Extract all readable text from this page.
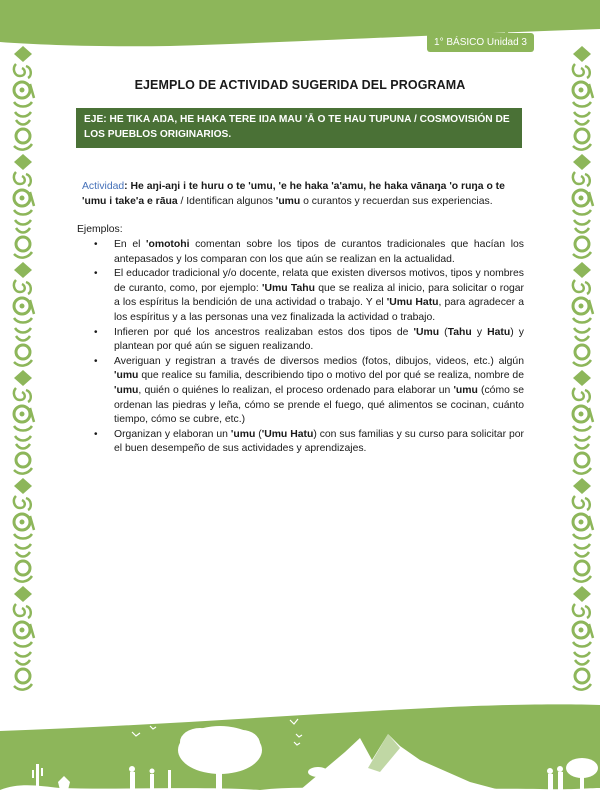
1° BÁSICO Unidad 3
EJEMPLO DE ACTIVIDAD SUGERIDA DEL PROGRAMA
EJE: HE TIKA AŊA, HE HAKA TERE IŊA MAU 'Ā O TE HAU TUPUNA / COSMOVISIÓN DE LOS PUEBLOS ORIGINARIOS.
Actividad: He aŋi-aŋi i te huru o te 'umu, 'e he haka 'a'amu, he haka vānaŋa 'o ruŋa o te 'umu i take'a e rāua / Identifican algunos 'umu o curantos y recuerdan sus experiencias.
Ejemplos:
• En el 'omotohi comentan sobre los tipos de curantos tradicionales que hacían los antepasados y los comparan con los que aún se realizan en la actualidad.
• El educador tradicional y/o docente, relata que existen diversos motivos, tipos y nombres de curanto, como, por ejemplo: 'Umu Tahu que se realiza al inicio, para solicitar o rogar a los espíritus la bendición de una actividad o trabajo. Y el 'Umu Hatu, para agradecer a los espíritus y a las personas una vez finalizada la actividad o trabajo.
• Infieren por qué los ancestros realizaban estos dos tipos de 'Umu (Tahu y Hatu) y plantean por qué aún se siguen realizando.
• Averiguan y registran a través de diversos medios (fotos, dibujos, videos, etc.) algún 'umu que realice su familia, describiendo tipo o motivo del por qué se realiza, nombre de 'umu, quién o quiénes lo realizan, el proceso ordenado para elaborar un 'umu (cómo se ordenan las piedras y leña, cómo se prende el fuego, qué alimentos se cocinan, cuánto tiempo, cómo se cubre, etc.)
• Organizan y elaboran un 'umu ('Umu Hatu) con sus familias y su curso para solicitar por el buen desempeño de sus actividades y aprendizajes.
